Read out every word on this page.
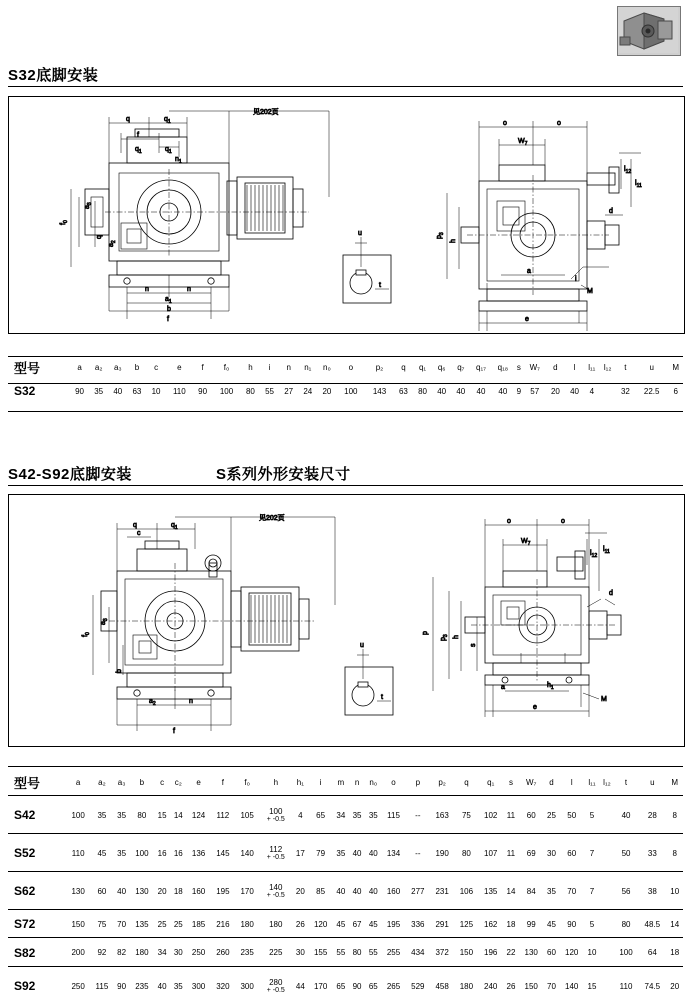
S32底脚安装
q	$q_1$
见202页
f
$q_1$	$q_1$
$n_1$
$f_0$
$a_3$
q
$a_2$
n	n
$a_1$
b
f
u
t
o	o
$W_7$
$l_{12}$
$l_{11}$
$p_3$
h
d
a
e
i
M
型号	a	a₂	a₃	b	c	e	f	f₀	h	i	n	n₁	n₀	o	p₂	q	q₁	q₆	q₇	q₁₇	q₁₈	s	W₇	d	l	l₁₁	l₁₂	t	u	M
S32	90	35	40	63	10	110	90	100	80	55	27	24	20	100	143	63	80	40	40	40	40	9	57	20	40	4		32	22.5	6
S42-S92底脚安装	S系列外形安装尺寸
q	$q_1$
见202页
c
$f_0$
$a_3$
b
$a_2$	n
f
u
t
o	o
$W_7$
$l_{12}$
$l_{11}$
p
$p_3$ h
s
a
e
$h_1$
M
d
型号	a	a₂	a₃	b	c	c₂	e	f	f₀	h	h₁	i	m	n	n₀	o	p	p₂	q	q₁	s	W₇	d	l	l₁₁	l₁₂	t	u	M
S42	100	35	35	80	15	14	124	112	105	100
+ -0.5	4	65	34	35	35	115	--	163	75	102	11	60	25	50	5		40	28	8
S52	110	45	35	100	16	16	136	145	140	112
+ -0.5	17	79	35	40	40	134	--	190	80	107	11	69	30	60	7		50	33	8
S62	130	60	40	130	20	18	160	195	170	140
+ -0.5	20	85	40	40	40	160	277	231	106	135	14	84	35	70	7		56	38	10
S72	150	75	70	135	25	25	185	216	180	180	26	120	45	67	45	195	336	291	125	162	18	99	45	90	5		80	48.5	14
S82	200	92	82	180	34	30	250	260	235	225	30	155	55	80	55	255	434	372	150	196	22	130	60	120	10		100	64	18
S92	250	115	90	235	40	35	300	320	300	280
+ -0.5	44	170	65	90	65	265	529	458	180	240	26	150	70	140	15		110	74.5	20
